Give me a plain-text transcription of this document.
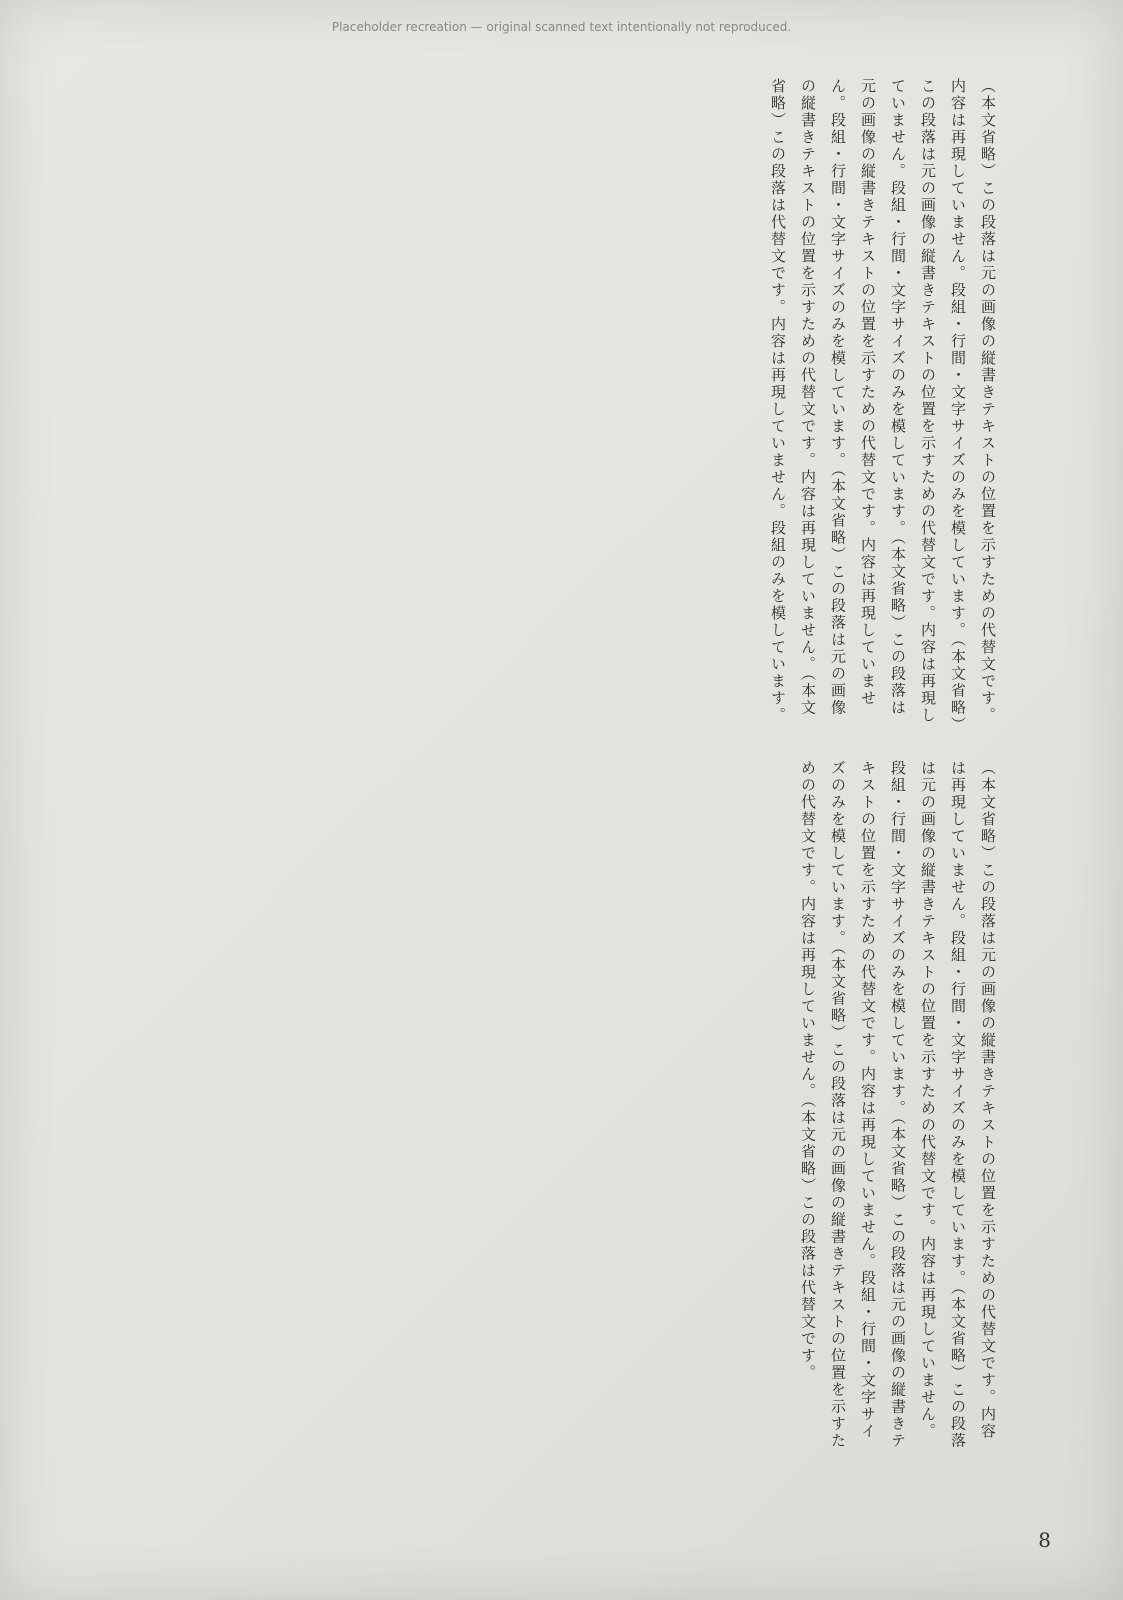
Placeholder recreation — original scanned text intentionally not reproduced.
（本文省略）この段落は元の画像の縦書きテキストの位置を示すための代替文です。内容は再現していません。段組・行間・文字サイズのみを模しています。（本文省略）この段落は元の画像の縦書きテキストの位置を示すための代替文です。内容は再現していません。段組・行間・文字サイズのみを模しています。（本文省略）この段落は元の画像の縦書きテキストの位置を示すための代替文です。内容は再現していません。段組・行間・文字サイズのみを模しています。（本文省略）この段落は元の画像の縦書きテキストの位置を示すための代替文です。内容は再現していません。（本文省略）この段落は代替文です。内容は再現していません。段組のみを模しています。
（本文省略）この段落は元の画像の縦書きテキストの位置を示すための代替文です。内容は再現していません。段組・行間・文字サイズのみを模しています。（本文省略）この段落は元の画像の縦書きテキストの位置を示すための代替文です。内容は再現していません。段組・行間・文字サイズのみを模しています。（本文省略）この段落は元の画像の縦書きテキストの位置を示すための代替文です。内容は再現していません。段組・行間・文字サイズのみを模しています。（本文省略）この段落は元の画像の縦書きテキストの位置を示すための代替文です。内容は再現していません。（本文省略）この段落は代替文です。
8
